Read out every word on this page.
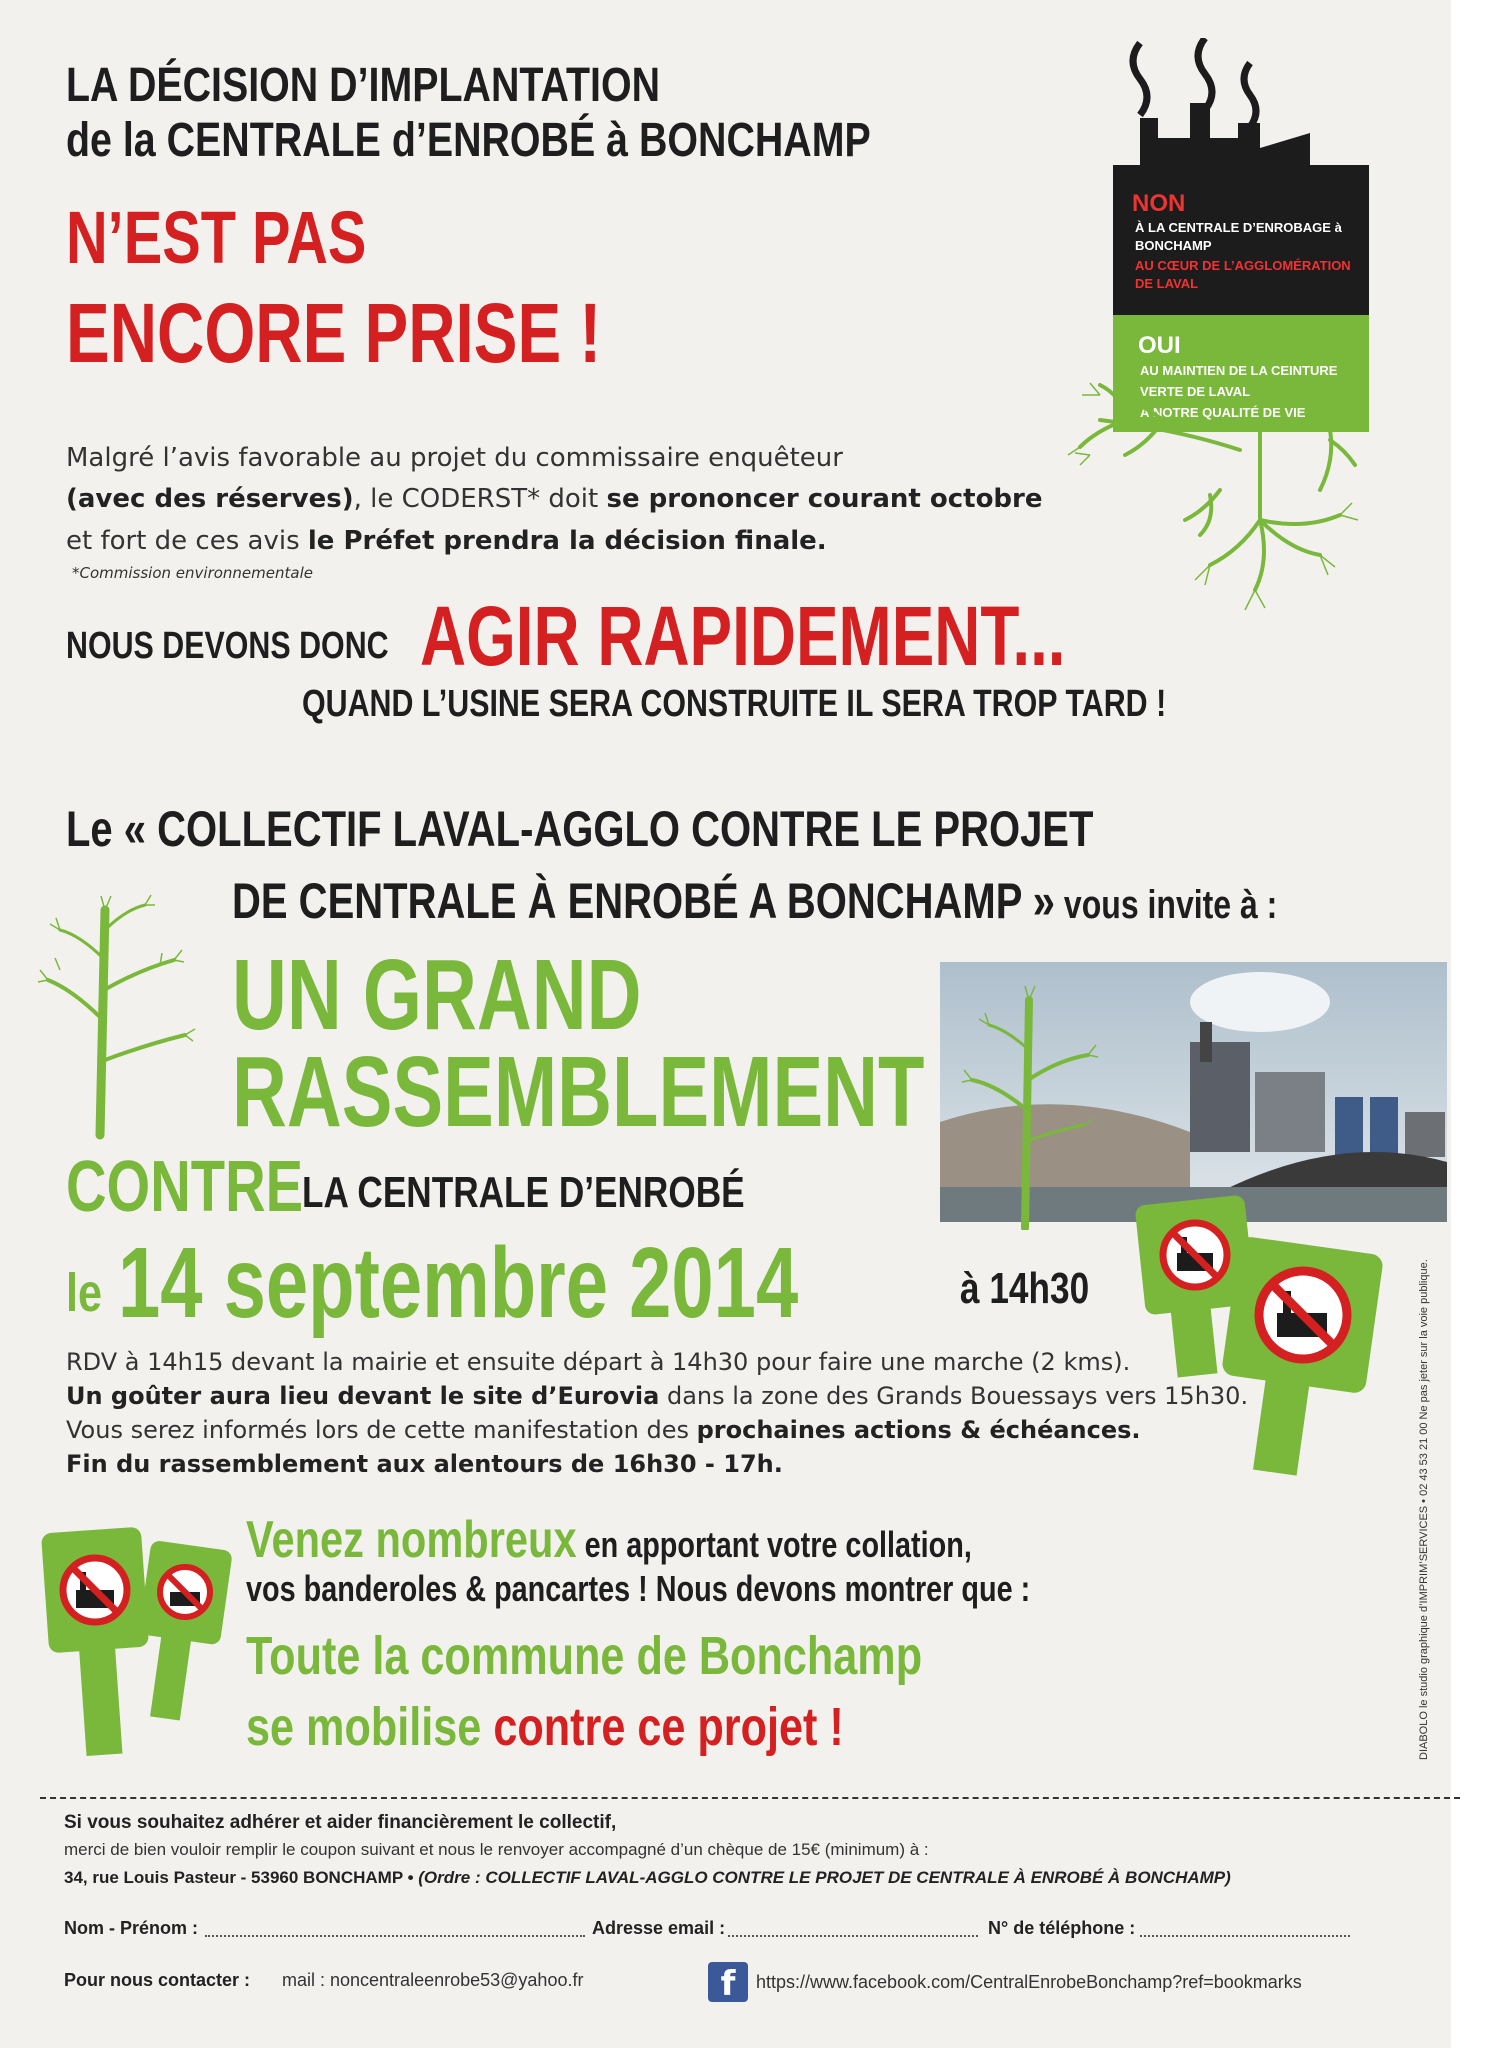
LA DÉCISION D’IMPLANTATION
de la CENTRALE d’ENROBÉ à BONCHAMP
N’EST PAS
ENCORE PRISE !
NON
À LA CENTRALE D’ENROBAGE à
BONCHAMP
AU CŒUR DE L’AGGLOMÉRATION
DE LAVAL
OUI
AU MAINTIEN DE LA CEINTURE
VERTE DE LAVAL
À NOTRE QUALITÉ DE VIE
Malgré l’avis favorable au projet du commissaire enquêteur
(avec des réserves), le CODERST* doit se prononcer courant octobre
et fort de ces avis le Préfet prendra la décision finale.
*Commission environnementale
NOUS DEVONS DONC AGIR RAPIDEMENT...
QUAND L’USINE SERA CONSTRUITE IL SERA TROP TARD !
Le « COLLECTIF LAVAL-AGGLO CONTRE LE PROJET
DE CENTRALE À ENROBÉ A BONCHAMP » vous invite à :
UN GRAND
RASSEMBLEMENT
CONTRE
LA CENTRALE D’ENROBÉ
le 14 septembre 2014	à 14h30
RDV à 14h15 devant la mairie et ensuite départ à 14h30 pour faire une marche (2 kms).
Un goûter aura lieu devant le site d’Eurovia dans la zone des Grands Bouessays vers 15h30.
Vous serez informés lors de cette manifestation des prochaines actions & échéances.
Fin du rassemblement aux alentours de 16h30 - 17h.
Venez nombreux en apportant votre collation,
vos banderoles & pancartes ! Nous devons montrer que :
Toute la commune de Bonchamp
se mobilise contre ce projet !	DIABOLO le studio graphique d’IMPRIM’SERVICES • 02 43 53 21 00 Ne pas jeter sur la voie publique.
Si vous souhaitez adhérer et aider financièrement le collectif,
merci de bien vouloir remplir le coupon suivant et nous le renvoyer accompagné d’un chèque de 15€ (minimum) à :
34, rue Louis Pasteur - 53960 BONCHAMP • (Ordre : COLLECTIF LAVAL-AGGLO CONTRE LE PROJET DE CENTRALE À ENROBÉ À BONCHAMP)
Nom - Prénom :	Adresse email :	N° de téléphone :
Pour nous contacter : mail : noncentraleenrobe53@yahoo.fr	f	https://www.facebook.com/CentralEnrobeBonchamp?ref=bookmarks
